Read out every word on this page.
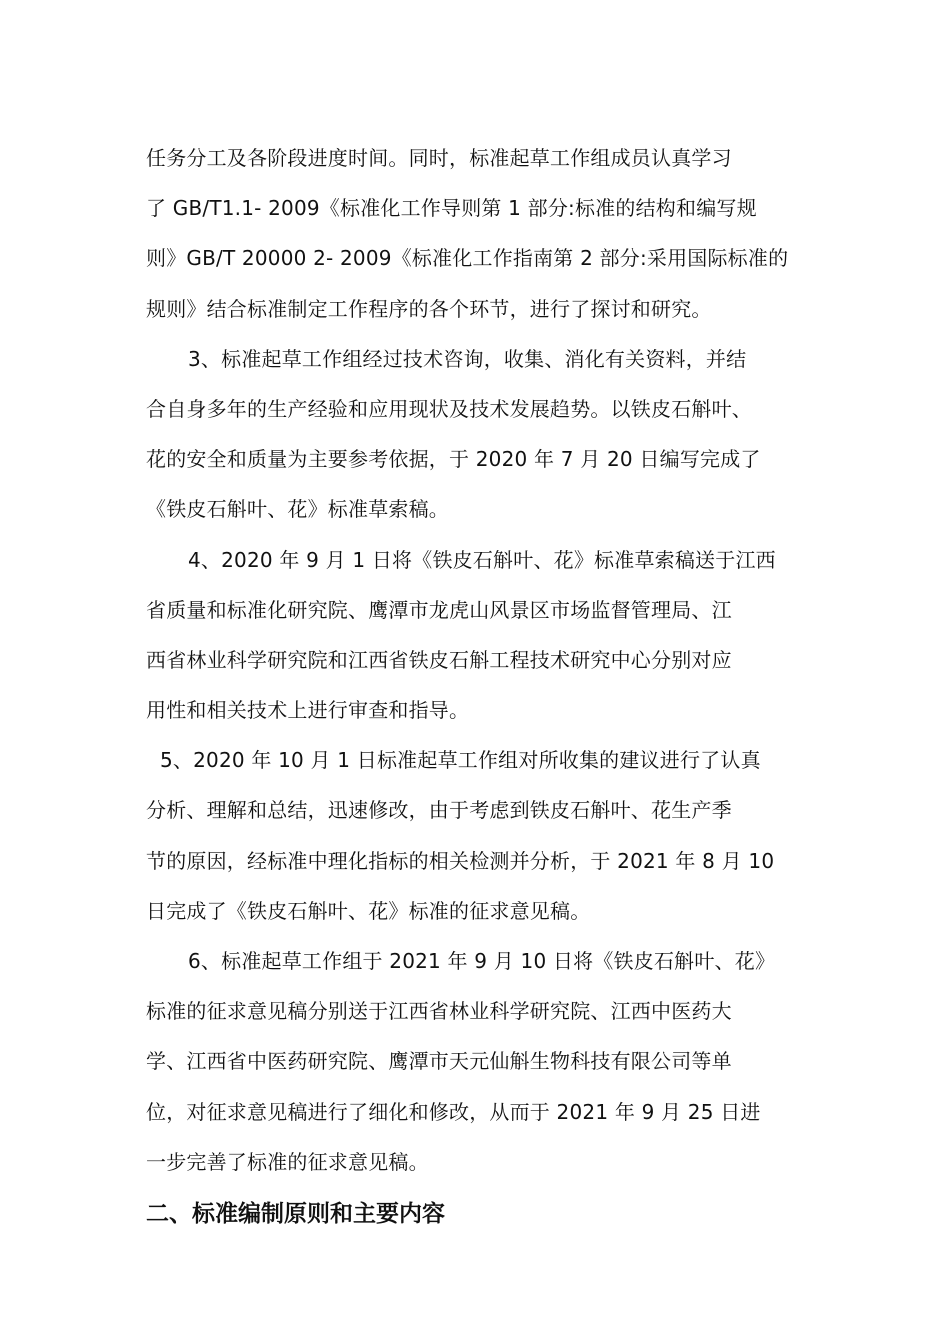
任务分工及各阶段进度时间。同时，标准起草工作组成员认真学习
了 GB/T1.1- 2009《标准化工作导则第 1 部分:标准的结构和编写规
则》GB/T 20000 2- 2009《标准化工作指南第 2 部分:采用国际标准的
规则》结合标准制定工作程序的各个环节，进行了探讨和研究。
3、标准起草工作组经过技术咨询，收集、消化有关资料，并结
合自身多年的生产经验和应用现状及技术发展趋势。以铁皮石斛叶、
花的安全和质量为主要参考依据，于 2020 年 7 月 20 日编写完成了
《铁皮石斛叶、花》标准草索稿。
4、2020 年 9 月 1 日将《铁皮石斛叶、花》标准草索稿送于江西
省质量和标准化研究院、鹰潭市龙虎山风景区市场监督管理局、江
西省林业科学研究院和江西省铁皮石斛工程技术研究中心分别对应
用性和相关技术上进行审查和指导。
5、2020 年 10 月 1 日标准起草工作组对所收集的建议进行了认真
分析、理解和总结，迅速修改，由于考虑到铁皮石斛叶、花生产季
节的原因，经标准中理化指标的相关检测并分析，于 2021 年 8 月 10
日完成了《铁皮石斛叶、花》标准的征求意见稿。
6、标准起草工作组于 2021 年 9 月 10 日将《铁皮石斛叶、花》
标准的征求意见稿分别送于江西省林业科学研究院、江西中医药大
学、江西省中医药研究院、鹰潭市天元仙斛生物科技有限公司等单
位，对征求意见稿进行了细化和修改，从而于 2021 年 9 月 25 日进
一步完善了标准的征求意见稿。
二、标准编制原则和主要内容
